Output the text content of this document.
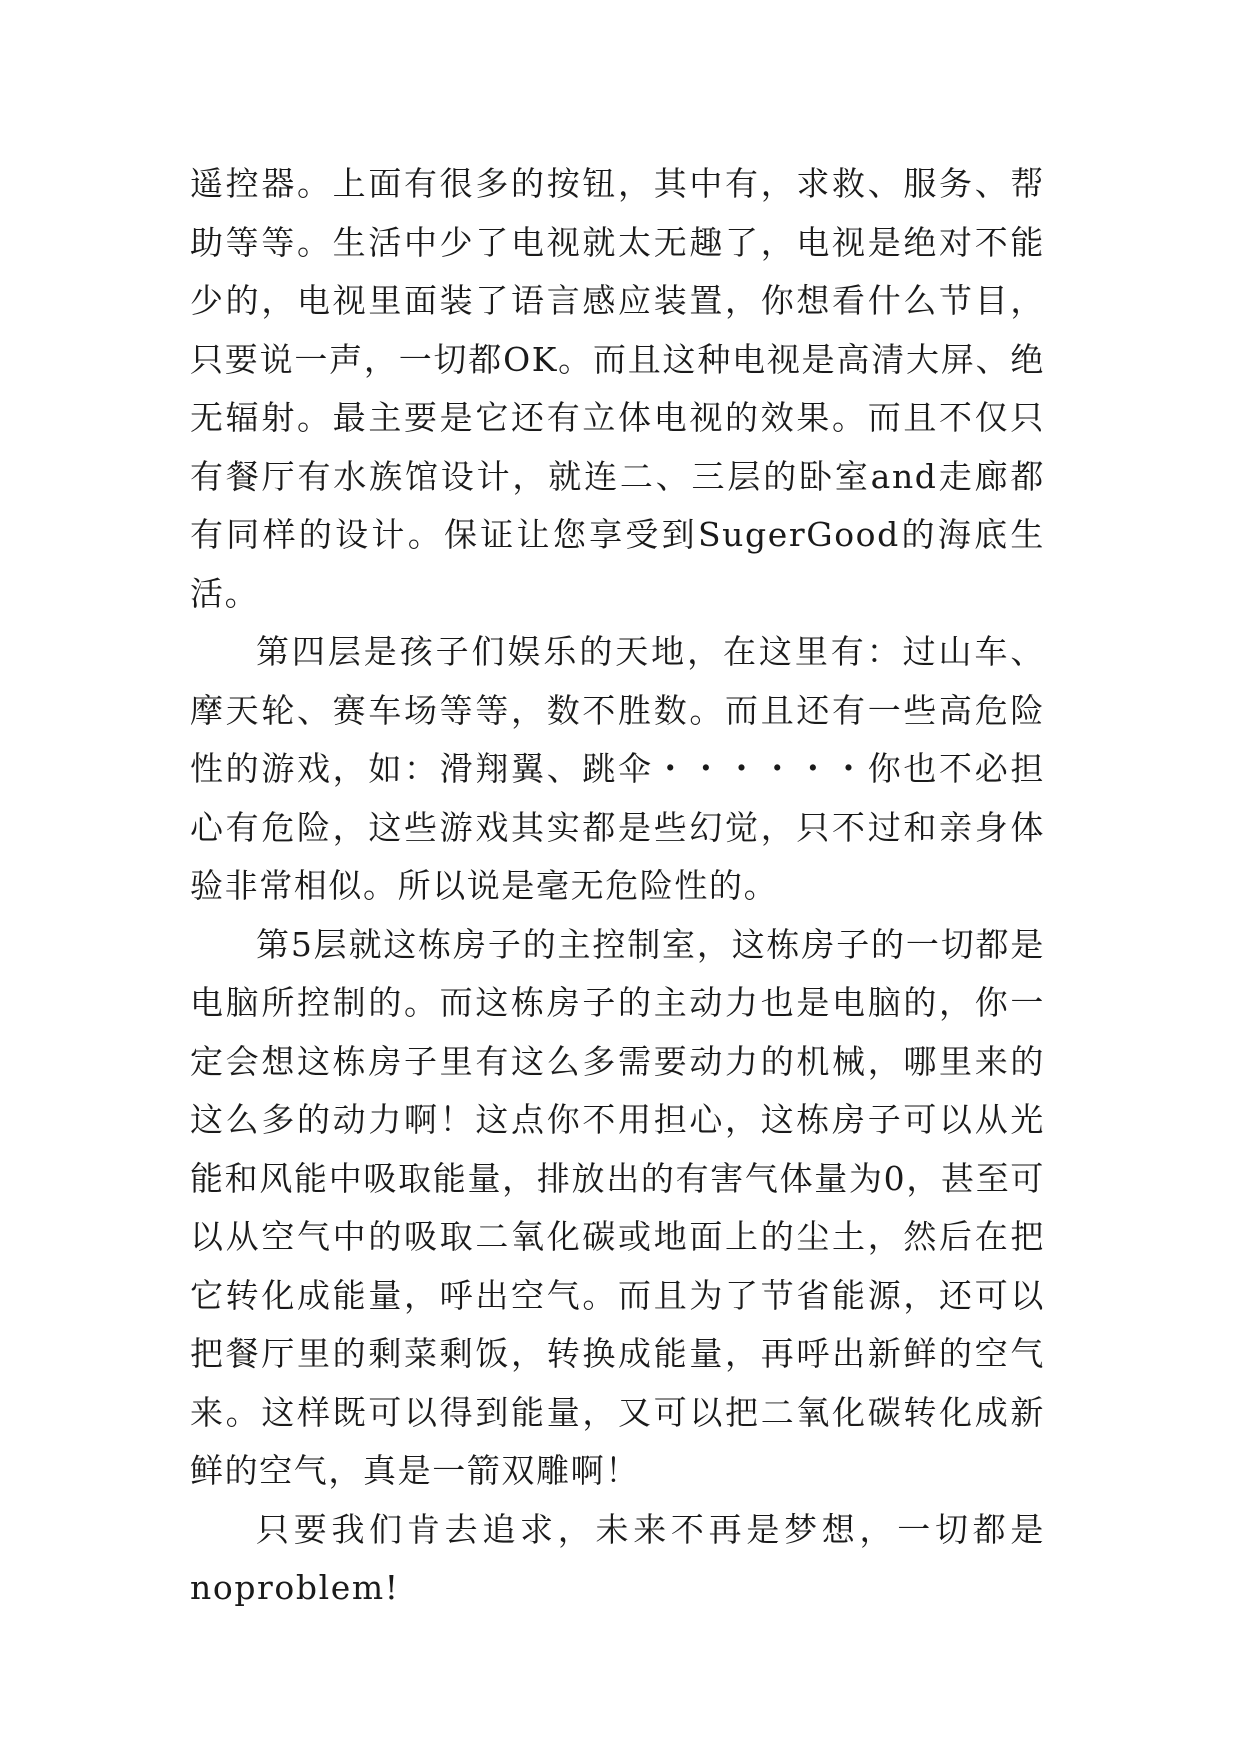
遥控器。上面有很多的按钮，其中有，求救、服务、帮助等等。生活中少了电视就太无趣了，电视是绝对不能少的，电视里面装了语言感应装置，你想看什么节目，只要说一声，一切都OK。而且这种电视是高清大屏、绝无辐射。最主要是它还有立体电视的效果。而且不仅只有餐厅有水族馆设计，就连二、三层的卧室and走廊都有同样的设计。保证让您享受到SugerGood的海底生活。

第四层是孩子们娱乐的天地，在这里有：过山车、摩天轮、赛车场等等，数不胜数。而且还有一些高危险性的游戏，如：滑翔翼、跳伞・・・・・・你也不必担心有危险，这些游戏其实都是些幻觉，只不过和亲身体验非常相似。所以说是毫无危险性的。

第5层就这栋房子的主控制室，这栋房子的一切都是电脑所控制的。而这栋房子的主动力也是电脑的，你一定会想这栋房子里有这么多需要动力的机械，哪里来的这么多的动力啊！这点你不用担心，这栋房子可以从光能和风能中吸取能量，排放出的有害气体量为0，甚至可以从空气中的吸取二氧化碳或地面上的尘土，然后在把它转化成能量，呼出空气。而且为了节省能源，还可以把餐厅里的剩菜剩饭，转换成能量，再呼出新鲜的空气来。这样既可以得到能量，又可以把二氧化碳转化成新鲜的空气，真是一箭双雕啊！

只要我们肯去追求，未来不再是梦想，一切都是noproblem!
